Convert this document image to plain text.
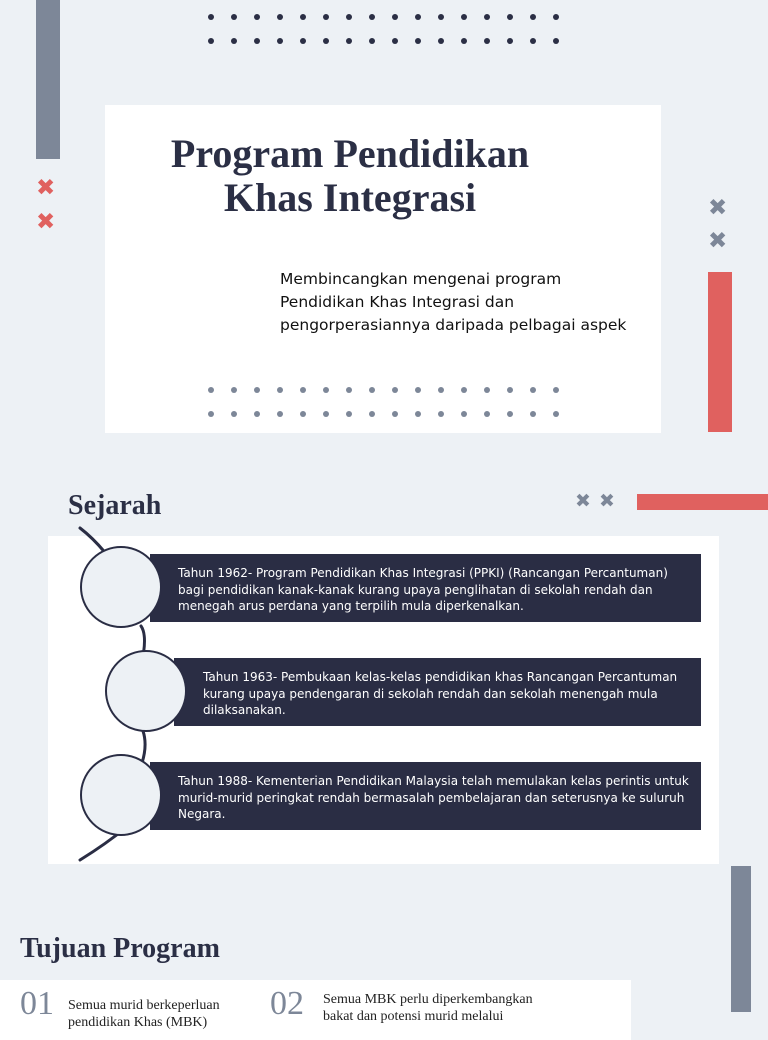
✖
✖
✖
✖
✖ ✖
Program Pendidikan
Khas Integrasi

Membincangkan mengenai program
Pendidikan Khas Integrasi dan
pengorperasiannya daripada pelbagai aspek

Sejarah
Tahun 1962- Program Pendidikan Khas Integrasi (PPKI) (Rancangan Percantuman) bagi pendidikan kanak-kanak kurang upaya penglihatan di sekolah rendah dan menegah arus perdana yang terpilih mula diperkenalkan.
Tahun 1963- Pembukaan kelas-kelas pendidikan khas Rancangan Percantuman kurang upaya pendengaran di sekolah rendah dan sekolah menengah mula dilaksanakan.
Tahun 1988- Kementerian Pendidikan Malaysia telah memulakan kelas perintis untuk murid-murid peringkat rendah bermasalah pembelajaran dan seterusnya ke suluruh Negara.
Tujuan Program
01 Semua murid berkeperluan
pendidikan Khas (MBK)
02 Semua MBK perlu diperkembangkan
bakat dan potensi murid melalui
